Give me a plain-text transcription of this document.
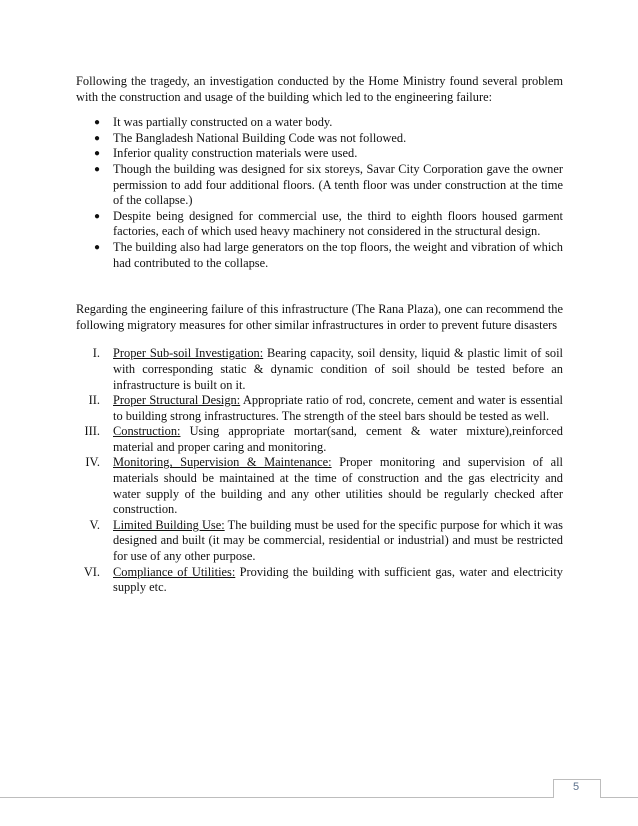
Following the tragedy, an investigation conducted by the Home Ministry found several problem with the construction and usage of the building which led to the engineering failure:

● It was partially constructed on a water body.
● The Bangladesh National Building Code was not followed.
● Inferior quality construction materials were used.
● Though the building was designed for six storeys, Savar City Corporation gave the owner permission to add four additional floors. (A tenth floor was under construction at the time of the collapse.)
● Despite being designed for commercial use, the third to eighth floors housed garment factories, each of which used heavy machinery not considered in the structural design.
● The building also had large generators on the top floors, the weight and vibration of which had contributed to the collapse.

Regarding the engineering failure of this infrastructure (The Rana Plaza), one can recommend the following migratory measures for other similar infrastructures in order to prevent future disasters

I. Proper Sub-soil Investigation: Bearing capacity, soil density, liquid & plastic limit of soil with corresponding static & dynamic condition of soil should be tested before an infrastructure is built on it.
II. Proper Structural Design: Appropriate ratio of rod, concrete, cement and water is essential to building strong infrastructures. The strength of the steel bars should be tested as well.
III. Construction: Using appropriate mortar(sand, cement & water mixture),reinforced material and proper caring and monitoring.
IV. Monitoring, Supervision & Maintenance: Proper monitoring and supervision of all materials should be maintained at the time of construction and the gas electricity and water supply of the building and any other utilities should be regularly checked after construction.
V. Limited Building Use: The building must be used for the specific purpose for which it was designed and built (it may be commercial, residential or industrial) and must be restricted for use of any other purpose.
VI. Compliance of Utilities: Providing the building with sufficient gas, water and electricity supply etc.
5
